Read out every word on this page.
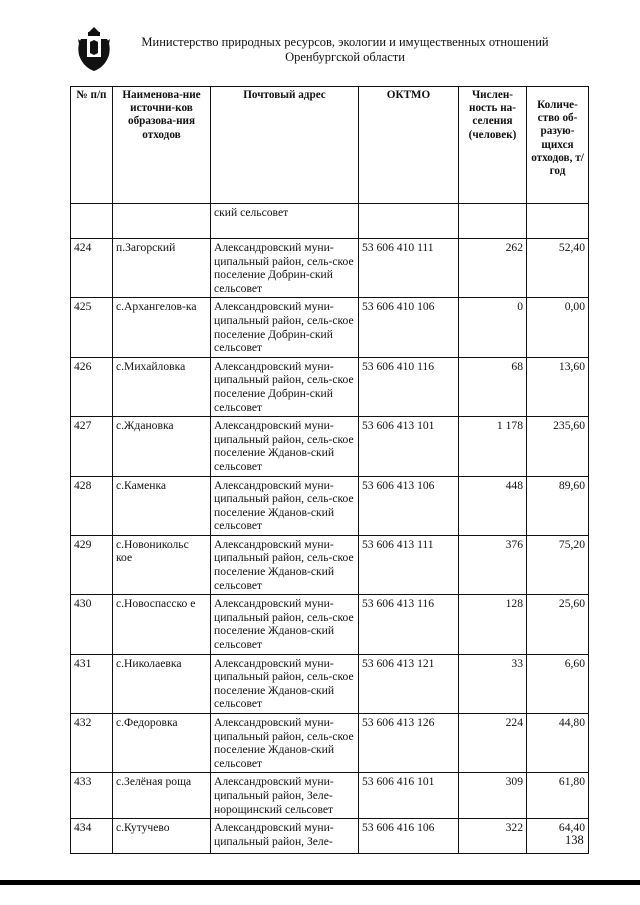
Министерство природных ресурсов, экологии и имущественных отношений
Оренбургской области
№ п/п	Наименова-ние источни-ков образова-ния отходов	Почтовый адрес	ОКТМО	Числен-ность на-селения (человек)	Количе-ство об-разую-щихся отходов, т/год
		ский сельсовет			
424	п.Загорский	Александровский муни-ципальный район, сель-ское поселение Добрин-ский сельсовет	53 606 410 111	262	52,40
425	с.Архангелов-ка	Александровский муни-ципальный район, сель-ское поселение Добрин-ский сельсовет	53 606 410 106	0	0,00
426	с.Михайловка	Александровский муни-ципальный район, сель-ское поселение Добрин-ский сельсовет	53 606 410 116	68	13,60
427	с.Ждановка	Александровский муни-ципальный район, сель-ское поселение Жданов-ский сельсовет	53 606 413 101	1 178	235,60
428	с.Каменка	Александровский муни-ципальный район, сель-ское поселение Жданов-ский сельсовет	53 606 413 106	448	89,60
429	с.Новоникольс кое	Александровский муни-ципальный район, сель-ское поселение Жданов-ский сельсовет	53 606 413 111	376	75,20
430	с.Новоспасско е	Александровский муни-ципальный район, сель-ское поселение Жданов-ский сельсовет	53 606 413 116	128	25,60
431	с.Николаевка	Александровский муни-ципальный район, сель-ское поселение Жданов-ский сельсовет	53 606 413 121	33	6,60
432	с.Федоровка	Александровский муни-ципальный район, сель-ское поселение Жданов-ский сельсовет	53 606 413 126	224	44,80
433	с.Зелёная роща	Александровский муни-ципальный район, Зеле-норощинский сельсовет	53 606 416 101	309	61,80
434	с.Кутучево	Александровский муни-ципальный район, Зеле-	53 606 416 106	322	64,40
138
